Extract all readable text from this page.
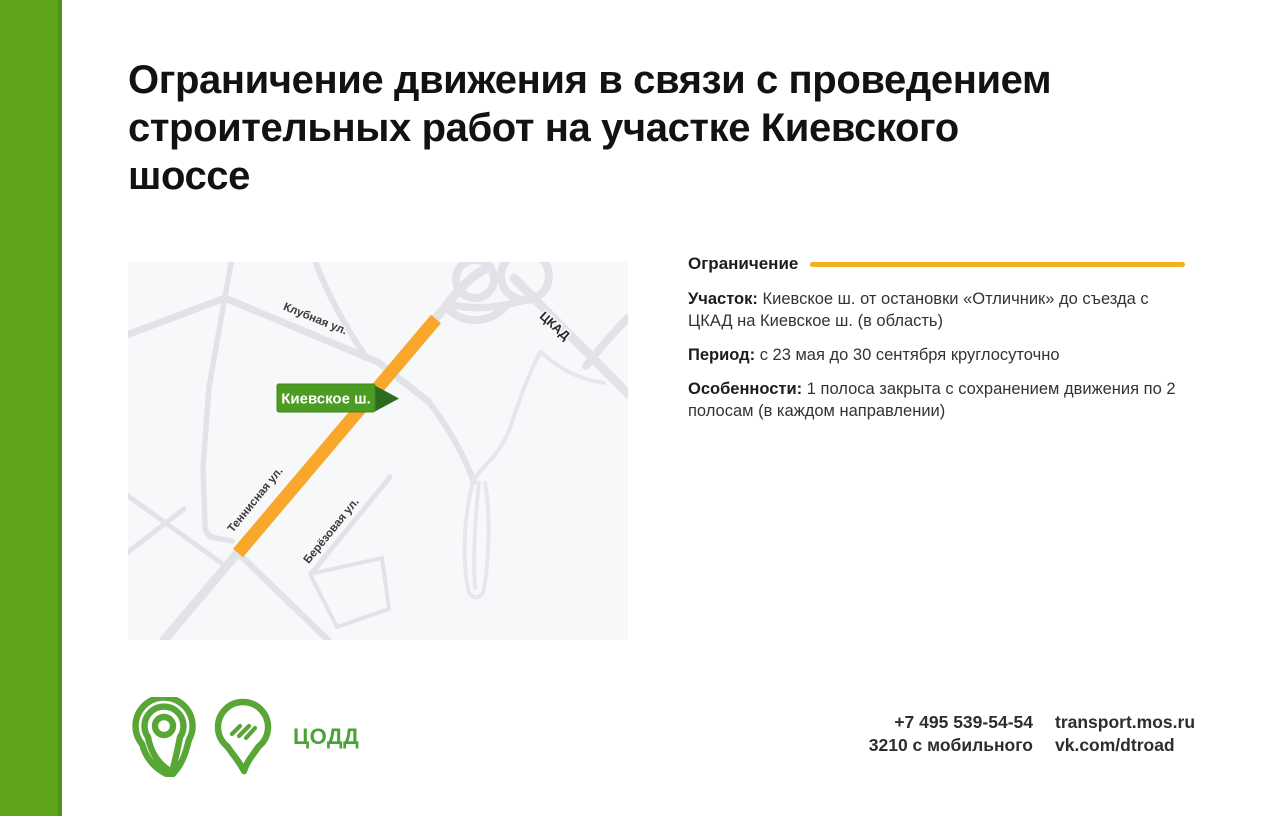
Ограничение движения в связи с проведением
строительных работ на участке Киевского
шоссе
Клубная ул.	ЦКАД
Теннисная ул. Берёзовая ул.
Киевское ш.
Ограничение

Участок: Киевское ш. от остановки «Отличник» до съезда с ЦКАД на Киевское ш. (в область)

Период: с 23 мая до 30 сентября круглосуточно

Особенности: 1 полоса закрыта с сохранением движения по 2 полосам (в каждом направлении)

ЦОДД
+7 495 539-54-54
3210 с мобильного
transport.mos.ru
vk.com/dtroad
